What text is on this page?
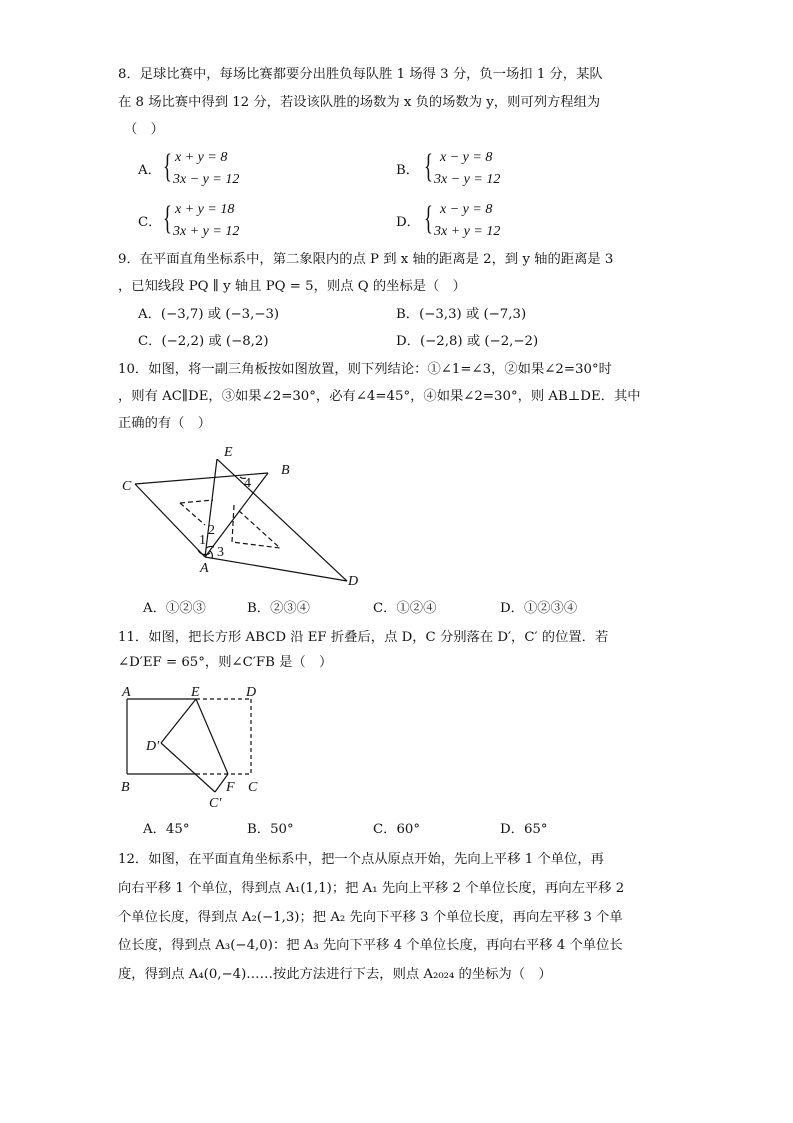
8．足球比赛中，每场比赛都要分出胜负每队胜 1 场得 3 分，负一场扣 1 分，某队
在 8 场比赛中得到 12 分，若设该队胜的场数为 x 负的场数为 y，则可列方程组为
（　）
A． { x + y = 8
3x − y = 12
B． { x − y = 8
3x − y = 12
C． { x + y = 18
3x + y = 12
D． { x − y = 8
3x + y = 12
9．在平面直角坐标系中，第二象限内的点 P 到 x 轴的距离是 2，到 y 轴的距离是 3
，已知线段 PQ ∥ y 轴且 PQ = 5，则点 Q 的坐标是（　）
A．(−3,7) 或 (−3,−3)	B．(−3,3) 或 (−7,3)
C．(−2,2) 或 (−8,2)	D．(−2,8) 或 (−2,−2)
10．如图，将一副三角板按如图放置，则下列结论：①∠1=∠3，②如果∠2=30°时
，则有 AC∥DE，③如果∠2=30°，必有∠4=45°，④如果∠2=30°，则 AB⊥DE．其中
正确的有（　）
E
B
C
A
D
1
2
3
4
A．①②③	B．②③④	C．①②④	D．①②③④
11．如图，把长方形 ABCD 沿 EF 折叠后，点 D，C 分别落在 D′，C′ 的位置．若
∠D′EF = 65°，则∠C′FB 是（　）
A	E	D
D′
B	F C
C′
A．45°	B．50°	C．60°	D．65°
12．如图，在平面直角坐标系中，把一个点从原点开始，先向上平移 1 个单位，再
向右平移 1 个单位，得到点 A₁(1,1)；把 A₁ 先向上平移 2 个单位长度，再向左平移 2
个单位长度，得到点 A₂(−1,3)；把 A₂ 先向下平移 3 个单位长度，再向左平移 3 个单
位长度，得到点 A₃(−4,0)：把 A₃ 先向下平移 4 个单位长度，再向右平移 4 个单位长
度，得到点 A₄(0,−4)……按此方法进行下去，则点 A₂₀₂₄ 的坐标为（　）
